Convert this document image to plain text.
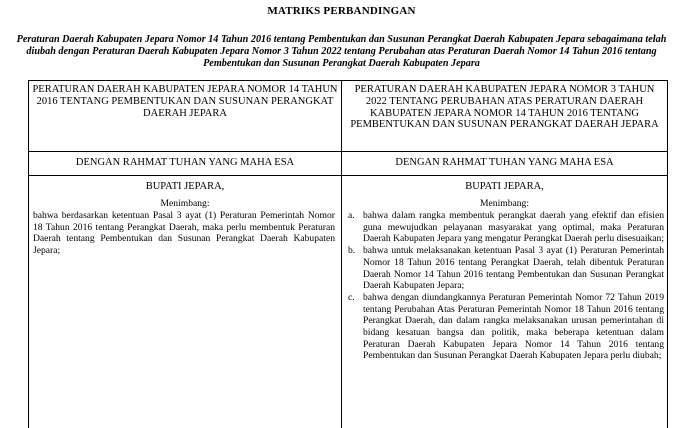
MATRIKS PERBANDINGAN
Peraturan Daerah Kabupaten Jepara Nomor 14 Tahun 2016 tentang Pembentukan dan Susunan Perangkat Daerah Kabupaten Jepara sebagaimana telah diubah dengan Peraturan Daerah Kabupaten Jepara Nomor 3 Tahun 2022 tentang Perubahan atas Peraturan Daerah Nomor 14 Tahun 2016 tentang Pembentukan dan Susunan Perangkat Daerah Kabupaten Jepara
PERATURAN DAERAH KABUPATEN JEPARA NOMOR 14 TAHUN 2016 TENTANG PEMBENTUKAN DAN SUSUNAN PERANGKAT DAERAH JEPARA
DENGAN RAHMAT TUHAN YANG MAHA ESA
BUPATI JEPARA,
Menimbang:
bahwa berdasarkan ketentuan Pasal 3 ayat (1) Peraturan Pemerintah Nomor 18 Tahun 2016 tentang Perangkat Daerah, maka perlu membentuk Peraturan Daerah tentang Pembentukan dan Susunan Perangkat Daerah Kabupaten Jepara;
PERATURAN DAERAH KABUPATEN JEPARA NOMOR 3 TAHUN 2022 TENTANG PERUBAHAN ATAS PERATURAN DAERAH KABUPATEN JEPARA NOMOR 14 TAHUN 2016 TENTANG PEMBENTUKAN DAN SUSUNAN PERANGKAT DAERAH JEPARA
DENGAN RAHMAT TUHAN YANG MAHA ESA
BUPATI JEPARA,
Menimbang:
a. bahwa dalam rangka membentuk perangkat daerah yang efektif dan efisien guna mewujudkan pelayanan masyarakat yang optimal, maka Peraturan Daerah Kabupaten Jepara yang mengatur Perangkat Daerah perlu disesuaikan;
b. bahwa untuk melaksanakan ketentuan Pasal 3 ayat (1) Peraturan Pemerintah Nomor 18 Tahun 2016 tentang Perangkat Daerah, telah dibentuk Peraturan Daerah Nomor 14 Tahun 2016 tentang Pembentukan dan Susunan Perangkat Daerah Kabupaten Jepara;
c. bahwa dengan diundangkannya Peraturan Pemerintah Nomor 72 Tahun 2019 tentang Perubahan Atas Peraturan Pemerintah Nomor 18 Tahun 2016 tentang Perangkat Daerah, dan dalam rangka melaksanakan urusan pemerintahan di bidang kesatuan bangsa dan politik, maka beberapa ketentuan dalam Peraturan Daerah Kabupaten Jepara Nomor 14 Tahun 2016 tentang Pembentukan dan Susunan Perangkat Daerah Kabupaten Jepara perlu diubah;
